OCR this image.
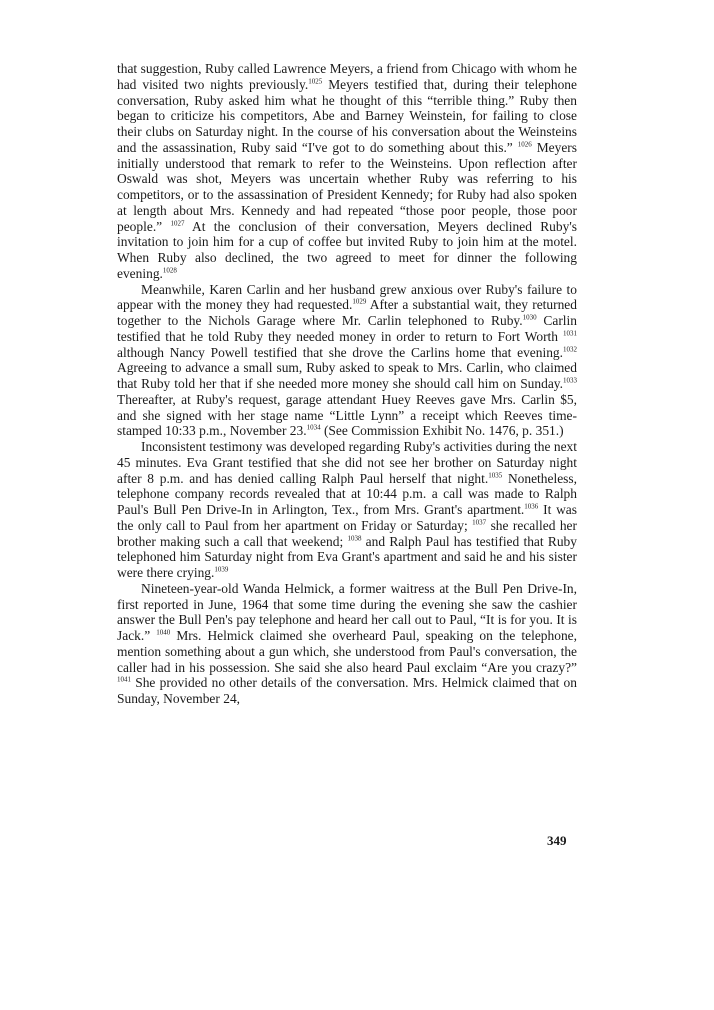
that suggestion, Ruby called Lawrence Meyers, a friend from Chicago with whom he had visited two nights previously.$^{1025}$ Meyers testified that, during their telephone conversation, Ruby asked him what he thought of this “terrible thing.” Ruby then began to criticize his competitors, Abe and Barney Weinstein, for failing to close their clubs on Saturday night. In the course of his conversation about the Weinsteins and the assassination, Ruby said “I've got to do something about this.” $^{1026}$ Meyers initially understood that remark to refer to the Weinsteins. Upon reflection after Oswald was shot, Meyers was uncertain whether Ruby was referring to his competitors, or to the assassination of President Kennedy; for Ruby had also spoken at length about Mrs. Kennedy and had repeated “those poor people, those poor people.” $^{1027}$ At the conclusion of their conversation, Meyers declined Ruby's invitation to join him for a cup of coffee but invited Ruby to join him at the motel. When Ruby also declined, the two agreed to meet for dinner the following evening.$^{1028}$

Meanwhile, Karen Carlin and her husband grew anxious over Ruby's failure to appear with the money they had requested.$^{1029}$ After a substantial wait, they returned together to the Nichols Garage where Mr. Carlin telephoned to Ruby.$^{1030}$ Carlin testified that he told Ruby they needed money in order to return to Fort Worth $^{1031}$ although Nancy Powell testified that she drove the Carlins home that evening.$^{1032}$ Agreeing to advance a small sum, Ruby asked to speak to Mrs. Carlin, who claimed that Ruby told her that if she needed more money she should call him on Sunday.$^{1033}$ Thereafter, at Ruby's request, garage attendant Huey Reeves gave Mrs. Carlin $5, and she signed with her stage name “Little Lynn” a receipt which Reeves time-stamped 10:33 p.m., November 23.$^{1034}$ (See Commission Exhibit No. 1476, p. 351.)

Inconsistent testimony was developed regarding Ruby's activities during the next 45 minutes. Eva Grant testified that she did not see her brother on Saturday night after 8 p.m. and has denied calling Ralph Paul herself that night.$^{1035}$ Nonetheless, telephone company records revealed that at 10:44 p.m. a call was made to Ralph Paul's Bull Pen Drive-In in Arlington, Tex., from Mrs. Grant's apartment.$^{1036}$ It was the only call to Paul from her apartment on Friday or Saturday; $^{1037}$ she recalled her brother making such a call that weekend; $^{1038}$ and Ralph Paul has testified that Ruby telephoned him Saturday night from Eva Grant's apartment and said he and his sister were there crying.$^{1039}$

Nineteen-year-old Wanda Helmick, a former waitress at the Bull Pen Drive-In, first reported in June, 1964 that some time during the evening she saw the cashier answer the Bull Pen's pay telephone and heard her call out to Paul, “It is for you. It is Jack.” $^{1040}$ Mrs. Helmick claimed she overheard Paul, speaking on the telephone, mention something about a gun which, she understood from Paul's conversation, the caller had in his possession. She said she also heard Paul exclaim “Are you crazy?” $^{1041}$ She provided no other details of the conversation. Mrs. Helmick claimed that on Sunday, November 24,

349
